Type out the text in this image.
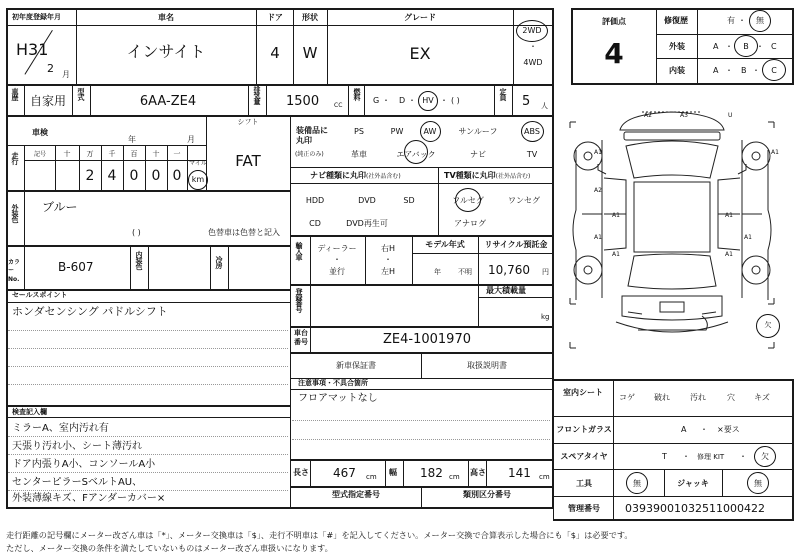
初年度登録年月
H31
2 月
車名
インサイト
ドア
4
形状
W
グレード
EX
2WD
・
4WD
車歴 自家用 型式	6AA-ZE4	排気量 1500 CC
燃料
G ・ D ・ HV ・ ( )
定員 5 人
車検
年	月
シフト
FAT
走行 記号 十 万 千 百 十 一
マイル
2 4 0 0 0 km
外装色 ブルー
( )	色替車は色替と記入
カラーNo.
B-607	内装色	冷房
セールスポイント
ホンダセンシング パドルシフト
検査記入欄
ミラーA、室内汚れ有
天張り汚れ小、シート薄汚れ
ドア内張りA小、コンソールA小
センターピラーSベルトAU、
外装薄線キズ、Fアンダーカバー×
装備品に丸印
(純正のみ)
PS	PW	AW	サンルーフ	ABS
革車	エアバック	ナビ	TV
ナビ種類に丸印(社外品含む)	TV種類に丸印(社外品含む)
HDD	DVD	SD
CD	DVD再生可
フルセグ	ワンセグ
アナログ
輸入車 ディーラー
・
並行
右H
・
左H
モデル年式
年 不明
リサイクル預託金
10,760 円
登録番号	最大積載量
kg
車台番号	ZE4-1001970
新車保証書	取扱説明書
注意事項・不具合箇所
フロアマットなし
長さ 467 cm 幅 182 cm 高さ 141 cm
型式指定番号	類別区分番号
評価点
4
修復歴	有 ・ 無
外装	A ・ B ・ C
内装	A ・ B ・ C
A2	A3	U
A1	A1
A2
A1	A1
A1	A1
A1	A1
欠
室内シート
コゲ 破れ	汚れ	穴 キズ
フロントガラス	A ・ ×要ス
スペアタイヤ	T ・ 修理 KIT ・ 欠
工具	無	ジャッキ	無
管理番号 03939001032511000422
走行距離の記号欄にメーター改ざん車は「*」、メーター交換車は「$」、走行不明車は「#」を記入してください。メーター交換で合算表示した場合にも「$」は必要です。
ただし、メーター交換の条件を満たしていないものはメーター改ざん車扱いになります。
